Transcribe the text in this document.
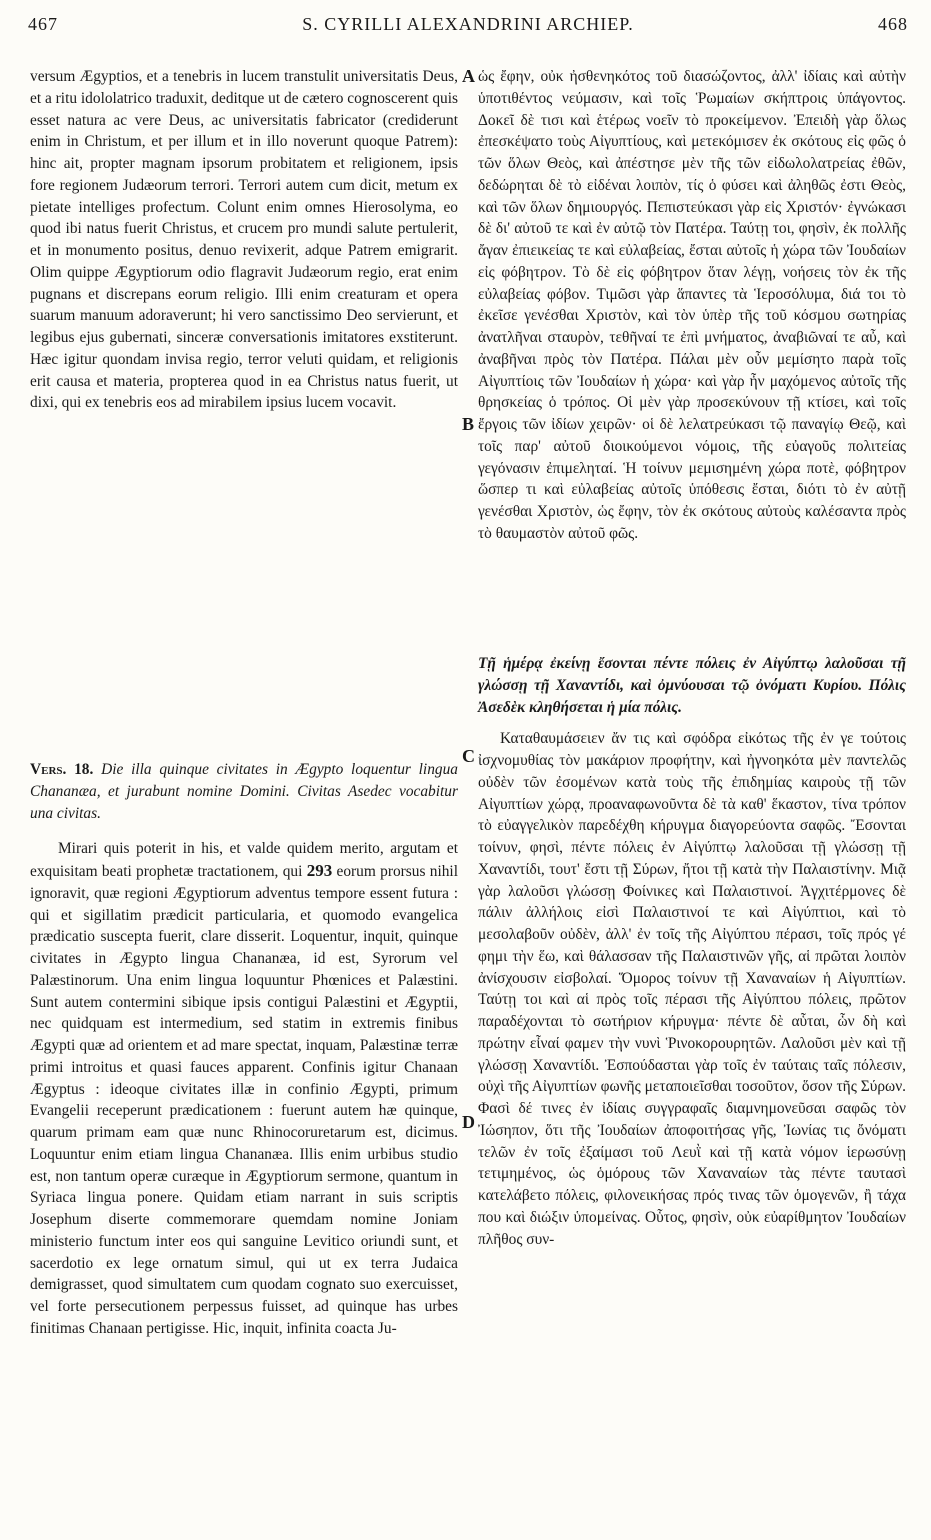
467	S. CYRILLI ALEXANDRINI ARCHIEP.	468

versum Ægyptios, et a tenebris in lucem transtulit universitatis Deus, et a ritu idololatrico traduxit, deditque ut de cætero cognoscerent quis esset natura ac vere Deus, ac universitatis fabricator (crediderunt enim in Christum, et per illum et in illo noverunt quoque Patrem): hinc ait, propter magnam ipsorum probitatem et religionem, ipsis fore regionem Judæorum terrori. Terrori autem cum dicit, metum ex pietate intelliges profectum. Colunt enim omnes Hierosolyma, eo quod ibi natus fuerit Christus, et crucem pro mundi salute pertulerit, et in monumento positus, denuo revixerit, adque Patrem emigrarit. Olim quippe Ægyptiorum odio flagravit Judæorum regio, erat enim pugnans et discrepans eorum religio. Illi enim creaturam et opera suarum manuum adoraverunt; hi vero sanctissimo Deo servierunt, et legibus ejus gubernati, sinceræ conversationis imitatores exstiterunt. Hæc igitur quondam invisa regio, terror veluti quidam, et religionis erit causa et materia, propterea quod in ea Christus natus fuerit, ut dixi, qui ex tenebris eos ad mirabilem ipsius lucem vocavit.

ὡς ἔφην, οὐκ ἠσθενηκότος τοῦ διασώζοντος, ἀλλ' ἰδίαις καὶ αὐτὴν ὑποτιθέντος νεύμασιν, καὶ τοῖς Ῥωμαίων σκήπτροις ὑπάγοντος. Δοκεῖ δὲ τισι καὶ ἑτέρως νοεῖν τὸ προκείμενον. Ἐπειδὴ γὰρ ὅλως ἐπεσκέψατο τοὺς Αἰγυπτίους, καὶ μετεκόμισεν ἐκ σκότους εἰς φῶς ὁ τῶν ὅλων Θεὸς, καὶ ἀπέστησε μὲν τῆς τῶν εἰδωλολατρείας ἐθῶν, δεδώρηται δὲ τὸ εἰδέναι λοιπὸν, τίς ὁ φύσει καὶ ἀληθῶς ἐστι Θεὸς, καὶ τῶν ὅλων δημιουργός. Πεπιστεύκασι γὰρ εἰς Χριστόν· ἐγνώκασι δὲ δι' αὐτοῦ τε καὶ ἐν αὐτῷ τὸν Πατέρα. Ταύτῃ τοι, φησὶν, ἐκ πολλῆς ἄγαν ἐπιεικείας τε καὶ εὐλαβείας, ἔσται αὐτοῖς ἡ χώρα τῶν Ἰουδαίων εἰς φόβητρον. Τὸ δὲ εἰς φόβητρον ὅταν λέγῃ, νοήσεις τὸν ἐκ τῆς εὐλαβείας φόβον. Τιμῶσι γὰρ ἅπαντες τὰ Ἱεροσόλυμα, διά τοι τὸ ἐκεῖσε γενέσθαι Χριστὸν, καὶ τὸν ὑπὲρ τῆς τοῦ κόσμου σωτηρίας ἀνατλῆναι σταυρὸν, τεθῆναί τε ἐπὶ μνήματος, ἀναβιῶναί τε αὖ, καὶ ἀναβῆναι πρὸς τὸν Πατέρα. Πάλαι μὲν οὖν μεμίσητο παρὰ τοῖς Αἰγυπτίοις τῶν Ἰουδαίων ἡ χώρα· καὶ γὰρ ἦν μαχόμενος αὐτοῖς τῆς θρησκείας ὁ τρόπος. Οἱ μὲν γὰρ προσεκύνουν τῇ κτίσει, καὶ τοῖς ἔργοις τῶν ἰδίων χειρῶν· οἱ δὲ λελατρεύκασι τῷ παναγίῳ Θεῷ, καὶ τοῖς παρ' αὐτοῦ διοικούμενοι νόμοις, τῆς εὐαγοῦς πολιτείας γεγόνασιν ἐπιμεληταί. Ἡ τοίνυν μεμισημένη χώρα ποτὲ, φόβητρον ὥσπερ τι καὶ εὐλαβείας αὐτοῖς ὑπόθεσις ἔσται, διότι τὸ ἐν αὐτῇ γενέσθαι Χριστὸν, ὡς ἔφην, τὸν ἐκ σκότους αὐτοὺς καλέσαντα πρὸς τὸ θαυμαστὸν αὐτοῦ φῶς.

Vers. 18. Die illa quinque civitates in Ægypto loquentur lingua Chananæa, et jurabunt nomine Domini. Civitas Asedec vocabitur una civitas.

Mirari quis poterit in his, et valde quidem merito, argutam et exquisitam beati prophetæ tractationem, qui 293 eorum prorsus nihil ignoravit, quæ regioni Ægyptiorum adventus tempore essent futura : qui et sigillatim prædicit particularia, et quomodo evangelica prædicatio suscepta fuerit, clare disserit. Loquentur, inquit, quinque civitates in Ægypto lingua Chananæa, id est, Syrorum vel Palæstinorum. Una enim lingua loquuntur Phœnices et Palæstini. Sunt autem contermini sibique ipsis contigui Palæstini et Ægyptii, nec quidquam est intermedium, sed statim in extremis finibus Ægypti quæ ad orientem et ad mare spectat, inquam, Palæstinæ terræ primi introitus et quasi fauces apparent. Confinis igitur Chanaan Ægyptus : ideoque civitates illæ in confinio Ægypti, primum Evangelii receperunt prædicationem : fuerunt autem hæ quinque, quarum primam eam quæ nunc Rhinocoruretarum est, dicimus. Loquuntur enim etiam lingua Chananæa. Illis enim urbibus studio est, non tantum operæ curæque in Ægyptiorum sermone, quantum in Syriaca lingua ponere. Quidam etiam narrant in suis scriptis Josephum diserte commemorare quemdam nomine Joniam ministerio functum inter eos qui sanguine Levitico oriundi sunt, et sacerdotio ex lege ornatum simul, qui ut ex terra Judaica demigrasset, quod simultatem cum quodam cognato suo exercuisset, vel forte persecutionem perpessus fuisset, ad quinque has urbes finitimas Chanaan pertigisse. Hic, inquit, infinita coacta Ju-

Τῇ ἡμέρᾳ ἐκείνῃ ἔσονται πέντε πόλεις ἐν Αἰγύπτῳ λαλοῦσαι τῇ γλώσσῃ τῇ Χαναντίδι, καὶ ὀμνύουσαι τῷ ὀνόματι Κυρίου. Πόλις Ἀσεδὲκ κληθήσεται ἡ μία πόλις.

Καταθαυμάσειεν ἄν τις καὶ σφόδρα εἰκότως τῆς ἐν γε τούτοις ἰσχνομυθίας τὸν μακάριον προφήτην, καὶ ἠγνοηκότα μὲν παντελῶς οὐδὲν τῶν ἐσομένων κατὰ τοὺς τῆς ἐπιδημίας καιροὺς τῇ τῶν Αἰγυπτίων χώρᾳ, προαναφωνοῦντα δὲ τὰ καθ' ἕκαστον, τίνα τρόπον τὸ εὐαγγελικὸν παρεδέχθη κήρυγμα διαγορεύοντα σαφῶς. Ἔσονται τοίνυν, φησὶ, πέντε πόλεις ἐν Αἰγύπτῳ λαλοῦσαι τῇ γλώσσῃ τῇ Χαναντίδι, τουτ' ἔστι τῇ Σύρων, ἤτοι τῇ κατὰ τὴν Παλαιστίνην. Μιᾷ γὰρ λαλοῦσι γλώσσῃ Φοίνικες καὶ Παλαιστινοί. Ἀγχιτέρμονες δὲ πάλιν ἀλλήλοις εἰσὶ Παλαιστινοί τε καὶ Αἰγύπτιοι, καὶ τὸ μεσολαβοῦν οὐδὲν, ἀλλ' ἐν τοῖς τῆς Αἰγύπτου πέρασι, τοῖς πρός γέ φημι τὴν ἕω, καὶ θάλασσαν τῆς Παλαιστινῶν γῆς, αἱ πρῶται λοιπὸν ἀνίσχουσιν εἰσβολαί. Ὅμορος τοίνυν τῇ Χαναναίων ἡ Αἰγυπτίων. Ταύτῃ τοι καὶ αἱ πρὸς τοῖς πέρασι τῆς Αἰγύπτου πόλεις, πρῶτον παραδέχονται τὸ σωτήριον κήρυγμα· πέντε δὲ αὗται, ὧν δὴ καὶ πρώτην εἶναί φαμεν τὴν νυνὶ Ῥινοκορουρητῶν. Λαλοῦσι μὲν καὶ τῇ γλώσσῃ Χαναντίδι. Ἐσπούδασται γὰρ τοῖς ἐν ταύταις ταῖς πόλεσιν, οὐχὶ τῆς Αἰγυπτίων φωνῆς μεταποιεῖσθαι τοσοῦτον, ὅσον τῆς Σύρων. Φασὶ δέ τινες ἐν ἰδίαις συγγραφαῖς διαμνημονεῦσαι σαφῶς τὸν Ἰώσηπον, ὅτι τῆς Ἰουδαίων ἀποφοιτήσας γῆς, Ἰωνίας τις ὄνόματι τελῶν ἐν τοῖς ἐξαίμασι τοῦ Λευῒ καὶ τῇ κατὰ νόμον ἱερωσύνῃ τετιμημένος, ὡς ὁμόρους τῶν Χαναναίων τὰς πέντε ταυτασὶ κατελάβετο πόλεις, φιλονεικήσας πρός τινας τῶν ὁμογενῶν, ἢ τάχα που καὶ διώξιν ὑπομείνας. Οὗτος, φησὶν, οὐκ εὐαρίθμητον Ἰουδαίων πλῆθος συν-

A
B
C
D
